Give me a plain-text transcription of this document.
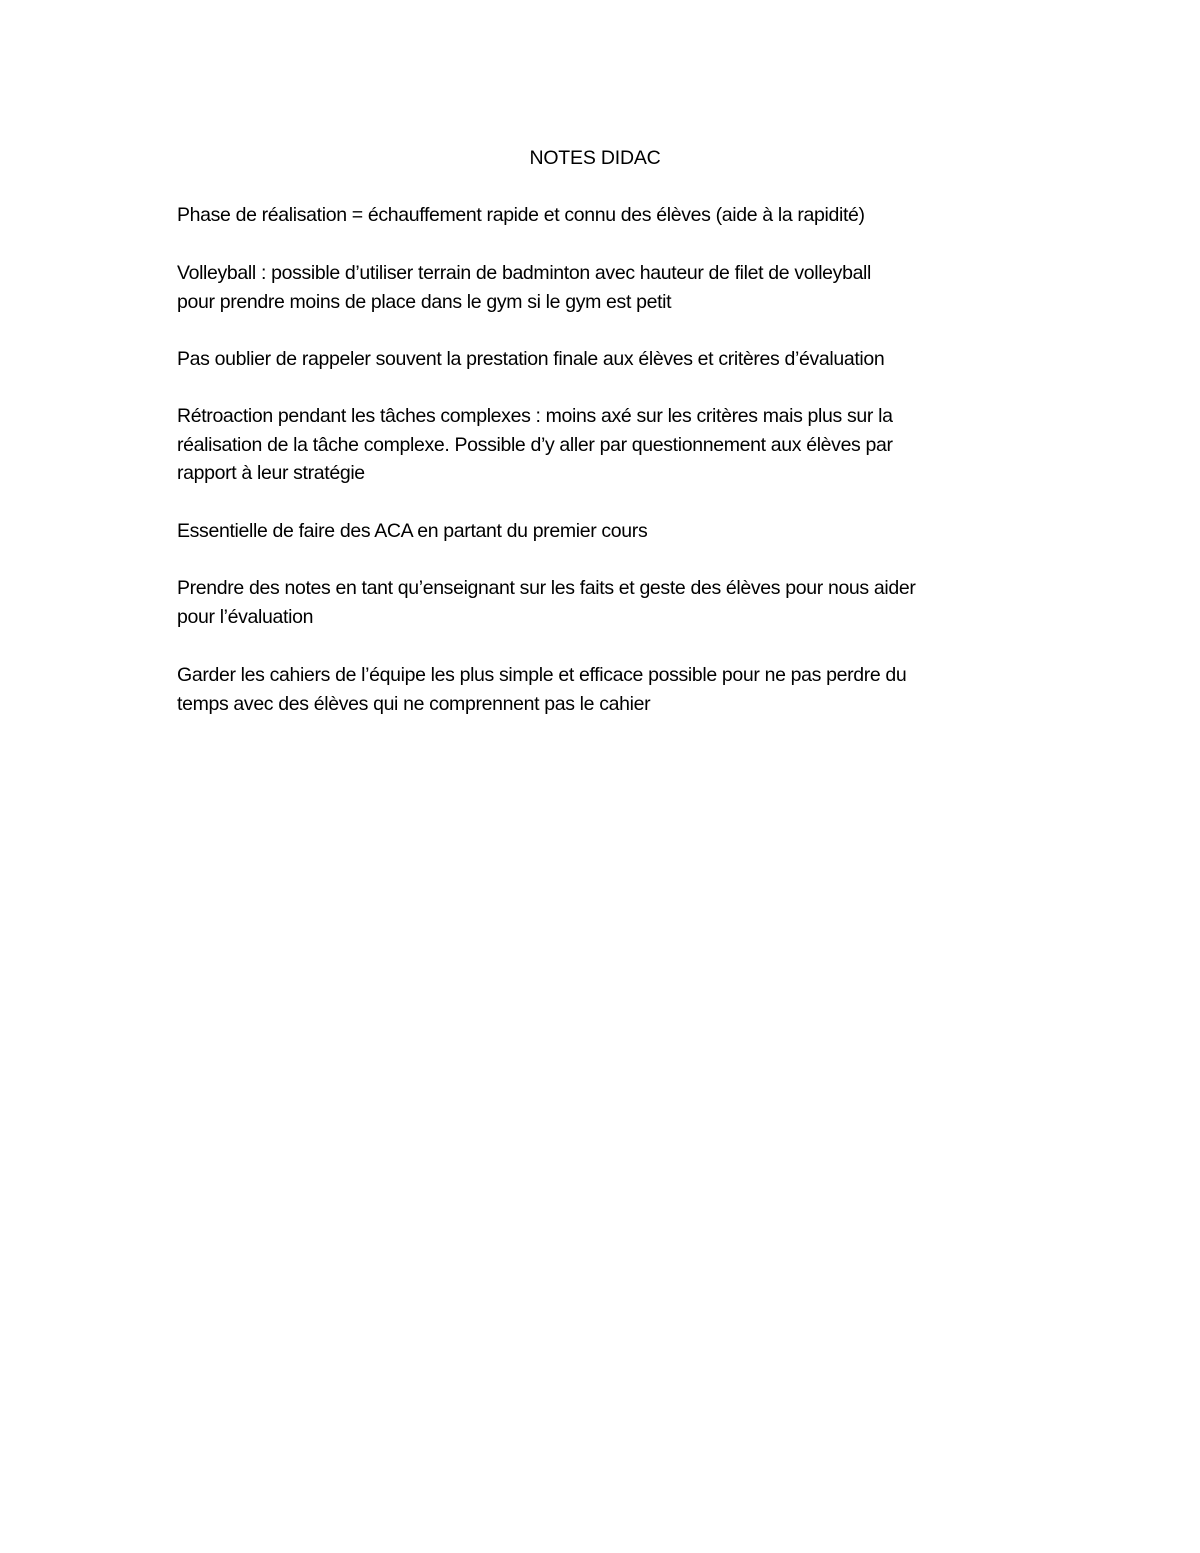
NOTES DIDAC

Phase de réalisation = échauffement rapide et connu des élèves (aide à la rapidité)

Volleyball : possible d’utiliser terrain de badminton avec hauteur de filet de volleyball
pour prendre moins de place dans le gym si le gym est petit

Pas oublier de rappeler souvent la prestation finale aux élèves et critères d’évaluation

Rétroaction pendant les tâches complexes : moins axé sur les critères mais plus sur la
réalisation de la tâche complexe. Possible d’y aller par questionnement aux élèves par
rapport à leur stratégie

Essentielle de faire des ACA en partant du premier cours

Prendre des notes en tant qu’enseignant sur les faits et geste des élèves pour nous aider
pour l’évaluation

Garder les cahiers de l’équipe les plus simple et efficace possible pour ne pas perdre du
temps avec des élèves qui ne comprennent pas le cahier
